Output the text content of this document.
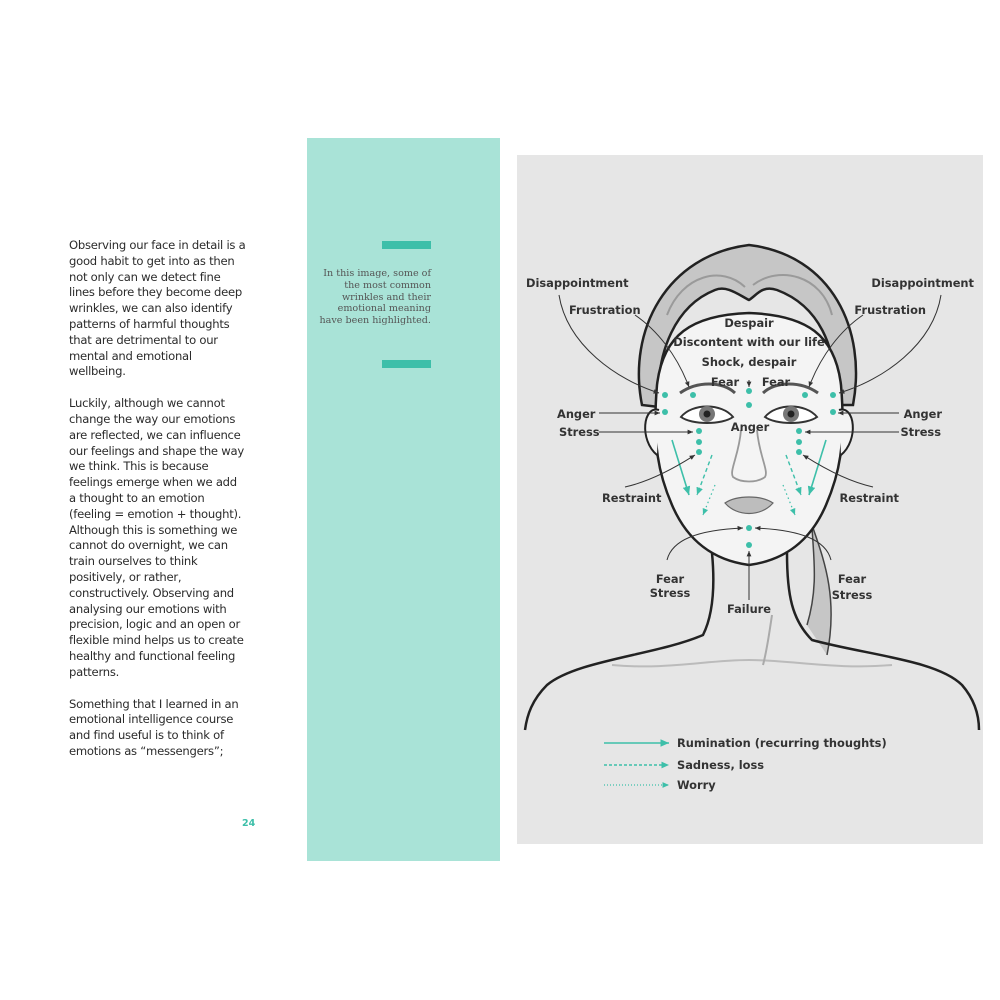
Observing our face in detail is a good habit to get into as then not only can we detect fine lines before they become deep wrinkles, we can also identify patterns of harmful thoughts that are detrimental to our mental and emotional wellbeing.

Luckily, although we cannot change the way our emotions are reflected, we can influence our feelings and shape the way we think. This is because feelings emerge when we add a thought to an emotion (feeling = emotion + thought). Although this is something we cannot do overnight, we can train ourselves to think positively, or rather, constructively. Observing and analysing our emotions with precision, logic and an open or flexible mind helps us to create healthy and functional feeling patterns.

Something that I learned in an emotional intelligence course and find useful is to think of emotions as “messengers”;

24
In this image, some of the most common wrinkles and their emotional meaning have been highlighted.
Disappointment	Disappointment
Frustration	Frustration
Despair
Discontent with our life
Shock, despair
Fear Fear
Anger	Anger
Anger
Stress	Stress
Restraint	Restraint
Fear
Stress
Fear
Stress
Failure
Rumination (recurring thoughts)
Sadness, loss
Worry
